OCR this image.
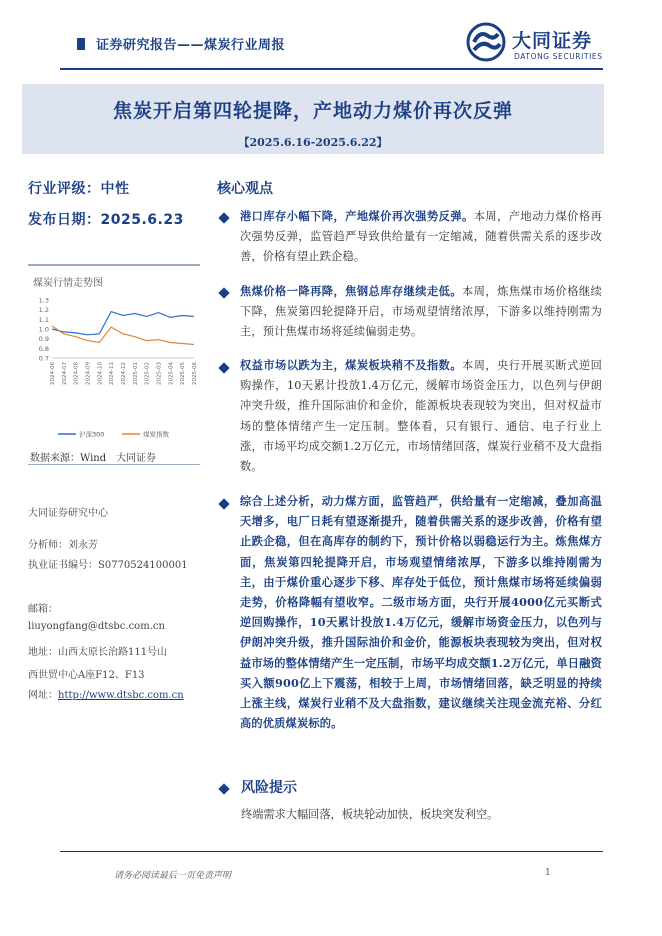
证券研究报告——煤炭行业周报	大同证券
DATONG SECURITIES
焦炭开启第四轮提降，产地动力煤价再次反弹
【2025.6.16-2025.6.22】
行业评级：中性
发布日期：2025.6.23
煤炭行情走势图
1.3
1.2
1.1
1.0
0.9
0.8
0.7
2024-06 2024-07 2024-08 2024-09 2024-10 2024-11 2024-12 2025-01 2025-02 2025-03 2025-04 2025-05 2025-06
沪深300	煤炭指数
数据来源：Wind　大同证券
大同证券研究中心
分析师：刘永芳
执业证书编号：S0770524100001
邮箱：
liuyongfang@dtsbc.com.cn
地址：山西太原长治路111号山
西世贸中心A座F12、F13
网址：http://www.dtsbc.com.cn
核心观点
港口库存小幅下降，产地煤价再次强势反弹。本周，产地动力煤价格再次强势反弹，监管趋严导致供给量有一定缩减，随着供需关系的逐步改善，价格有望止跌企稳。
焦煤价格一降再降，焦钢总库存继续走低。本周，炼焦煤市场价格继续下降，焦炭第四轮提降开启，市场观望情绪浓厚，下游多以维持刚需为主，预计焦煤市场将延续偏弱走势。
权益市场以跌为主，煤炭板块稍不及指数。本周，央行开展买断式逆回购操作，10天累计投放1.4万亿元，缓解市场资金压力，以色列与伊朗冲突升级，推升国际油价和金价，能源板块表现较为突出，但对权益市场的整体情绪产生一定压制。整体看，只有银行、通信、电子行业上涨，市场平均成交额1.2万亿元，市场情绪回落，煤炭行业稍不及大盘指数。
综合上述分析，动力煤方面，监管趋严，供给量有一定缩减，叠加高温天增多，电厂日耗有望逐渐提升，随着供需关系的逐步改善，价格有望止跌企稳，但在高库存的制约下，预计价格以弱稳运行为主。炼焦煤方面，焦炭第四轮提降开启，市场观望情绪浓厚，下游多以维持刚需为主，由于煤价重心逐步下移、库存处于低位，预计焦煤市场将延续偏弱走势，价格降幅有望收窄。二级市场方面，央行开展4000亿元买断式逆回购操作，10天累计投放1.4万亿元，缓解市场资金压力，以色列与伊朗冲突升级，推升国际油价和金价，能源板块表现较为突出，但对权益市场的整体情绪产生一定压制，市场平均成交额1.2万亿元，单日融资买入额900亿上下震荡，相较于上周，市场情绪回落，缺乏明显的持续上涨主线，煤炭行业稍不及大盘指数，建议继续关注现金流充裕、分红高的优质煤炭标的。
风险提示
终端需求大幅回落，板块轮动加快，板块突发利空。
请务必阅读最后一页免责声明	1
